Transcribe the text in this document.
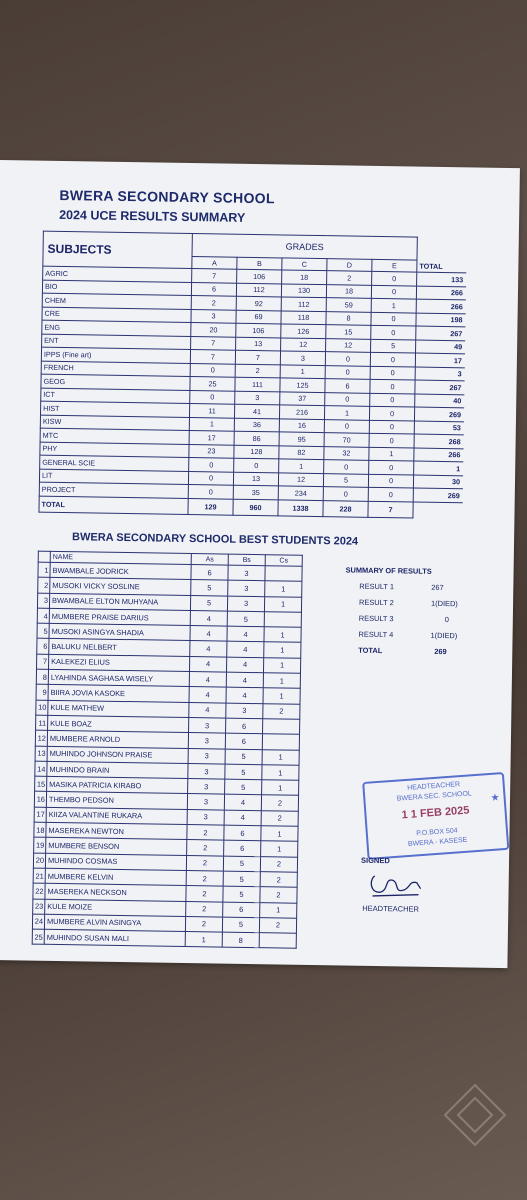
BWERA SECONDARY SCHOOL
2024 UCE RESULTS SUMMARY
SUBJECTS	GRADES					
	A	B	C	D	E	TOTAL
AGRIC	7	106	18	2	0	133
BIO	6	112	130	18	0	266
CHEM	2	92	112	59	1	266
CRE	3	69	118	8	0	198
ENG	20	106	126	15	0	267
ENT	7	13	12	12	5	49
IPPS (Fine art)	7	7	3	0	0	17
FRENCH	0	2	1	0	0	3
GEOG	25	111	125	6	0	267
ICT	0	3	37	0	0	40
HIST	11	41	216	1	0	269
KISW	1	36	16	0	0	53
MTC	17	86	95	70	0	268
PHY	23	128	82	32	1	266
GENERAL SCIE	0	0	1	0	0	1
LIT	0	13	12	5	0	30
PROJECT	0	35	234	0	0	269
TOTAL	129	960	1338	228	7	
BWERA SECONDARY SCHOOL BEST STUDENTS 2024
	NAME	As	Bs	Cs
1	BWAMBALE JODRICK	6	3	
2	MUSOKI VICKY SOSLINE	5	3	1
3	BWAMBALE ELTON MUHYANA	5	3	1
4	MUMBERE PRAISE DARIUS	4	5	
5	MUSOKI ASINGYA SHADIA	4	4	1
6	BALUKU NELBERT	4	4	1
7	KALEKEZI ELIUS	4	4	1
8	LYAHINDA SAGHASA WISELY	4	4	1
9	BIIRA JOVIA KASOKE	4	4	1
10	KULE MATHEW	4	3	2
11	KULE BOAZ	3	6	
12	MUMBERE ARNOLD	3	6	
13	MUHINDO JOHNSON PRAISE	3	5	1
14	MUHINDO BRAIN	3	5	1
15	MASIKA PATRICIA KIRABO	3	5	1
16	THEMBO PEDSON	3	4	2
17	KIIZA VALANTINE RUKARA	3	4	2
18	MASEREKA NEWTON	2	6	1
19	MUMBERE BENSON	2	6	1
20	MUHINDO COSMAS	2	5	2
21	MUMBERE KELVIN	2	5	2
22	MASEREKA NECKSON	2	5	2
23	KULE MOIZE	2	6	1
24	MUMBERE ALVIN ASINGYA	2	5	2
25	MUHINDO SUSAN MALI	1	8	
SUMMARY OF RESULTS
RESULT 1	267
RESULT 2	1(DIED)
RESULT 3	0
RESULT 4	1(DIED)
TOTAL	269
HEADTEACHER
BWERA SEC. SCHOOL
1 1 FEB 2025
P.O.BOX 504
BWERA - KASESE
★
SIGNED
HEADTEACHER
